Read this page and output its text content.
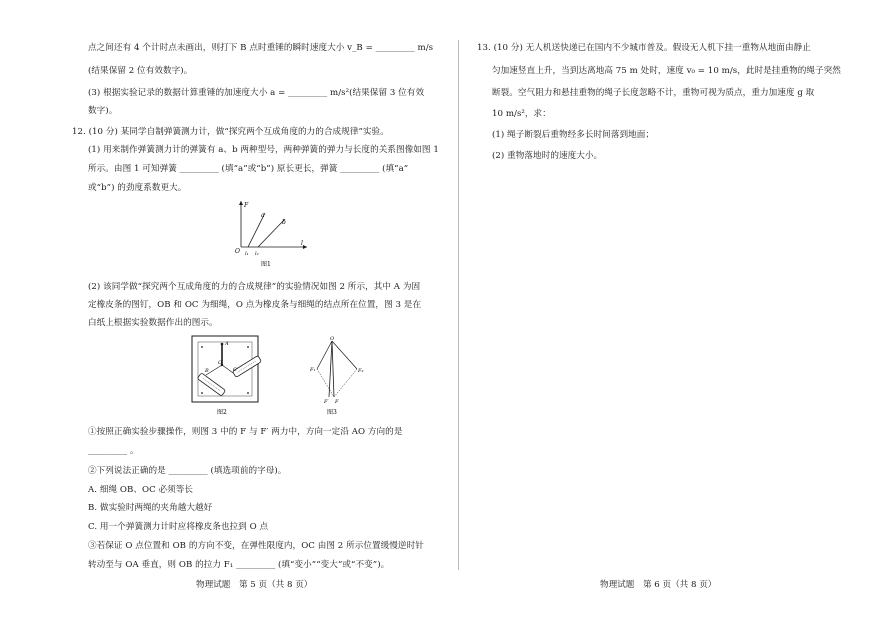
点之间还有 4 个计时点未画出，则打下 B 点时重锤的瞬时速度大小 v_B = _________ m/s
(结果保留 2 位有效数字)。
(3) 根据实验记录的数据计算重锤的加速度大小 a = _________ m/s²(结果保留 3 位有效
数字)。
12. (10 分) 某同学自制弹簧测力计，做“探究两个互成角度的力的合成规律”实验。
(1) 用来制作弹簧测力计的弹簧有 a、b 两种型号，两种弹簧的弹力与长度的关系图像如图 1
所示。由图 1 可知弹簧 _________ (填“a”或“b”) 原长更长，弹簧 _________ (填“a”
或“b”) 的劲度系数更大。
F
l
O l₁ l₂
a
b
图1
(2) 该同学做“探究两个互成角度的力的合成规律”的实验情况如图 2 所示，其中 A 为固
定橡皮条的图钉，OB 和 OC 为细绳，O 点为橡皮条与细绳的结点所在位置，图 3 是在
白纸上根据实验数据作出的图示。
A
O
B	C
图2
O
F₁	F₂
F
F′
图3
①按照正确实验步骤操作，则图 3 中的 F 与 F′ 两力中，方向一定沿 AO 方向的是
_________ 。
②下列说法正确的是 _________ (填选项前的字母)。
A. 细绳 OB、OC 必须等长
B. 做实验时两绳的夹角越大越好
C. 用一个弹簧测力计时应将橡皮条也拉到 O 点
③若保证 O 点位置和 OB 的方向不变，在弹性限度内，OC 由图 2 所示位置缓慢逆时针
转动至与 OA 垂直，则 OB 的拉力 F₁ _________ (填“变小”“变大”或“不变”)。
物理试题　第 5 页（共 8 页）
13. (10 分) 无人机送快递已在国内不少城市普及。假设无人机下挂一重物从地面由静止
匀加速竖直上升，当到达离地高 75 m 处时，速度 v₀ = 10 m/s，此时是挂重物的绳子突然
断裂。空气阻力和悬挂重物的绳子长度忽略不计，重物可视为质点，重力加速度 g 取
10 m/s²，求：
(1) 绳子断裂后重物经多长时间落到地面；
(2) 重物落地时的速度大小。
物理试题　第 6 页（共 8 页）
